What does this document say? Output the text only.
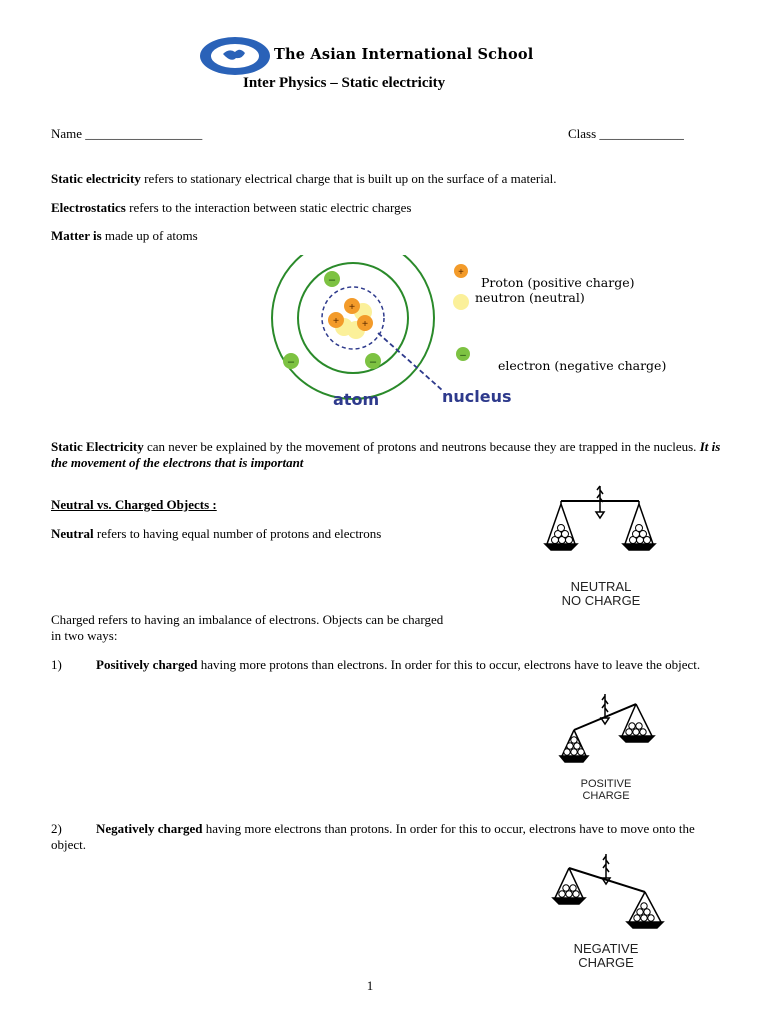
The Asian International School
Inter Physics – Static electricity
Name __________________	Class _____________

Static electricity refers to stationary electrical charge that is built up on the surface of a material.

Electrostatics refers to the interaction between static electric charges

Matter is made up of atoms

+
+ +
–
–	–
+
–
Proton (positive charge)
neutron (neutral)
electron (negative charge)
atom	nucleus

Static Electricity can never be explained by the movement of protons and neutrons because they are trapped in the nucleus. It is the movement of the electrons that is important

Neutral vs. Charged Objects :

Neutral refers to having equal number of protons and electrons

NEUTRAL
NO CHARGE
Charged refers to having an imbalance of electrons. Objects can be charged
in two ways:

1)	Positively charged having more protons than electrons. In order for this to occur, electrons have to leave the object.

POSITIVE
CHARGE

2)	Negatively charged having more electrons than protons. In order for this to occur, electrons have to move onto the object.

NEGATIVE
CHARGE
1
